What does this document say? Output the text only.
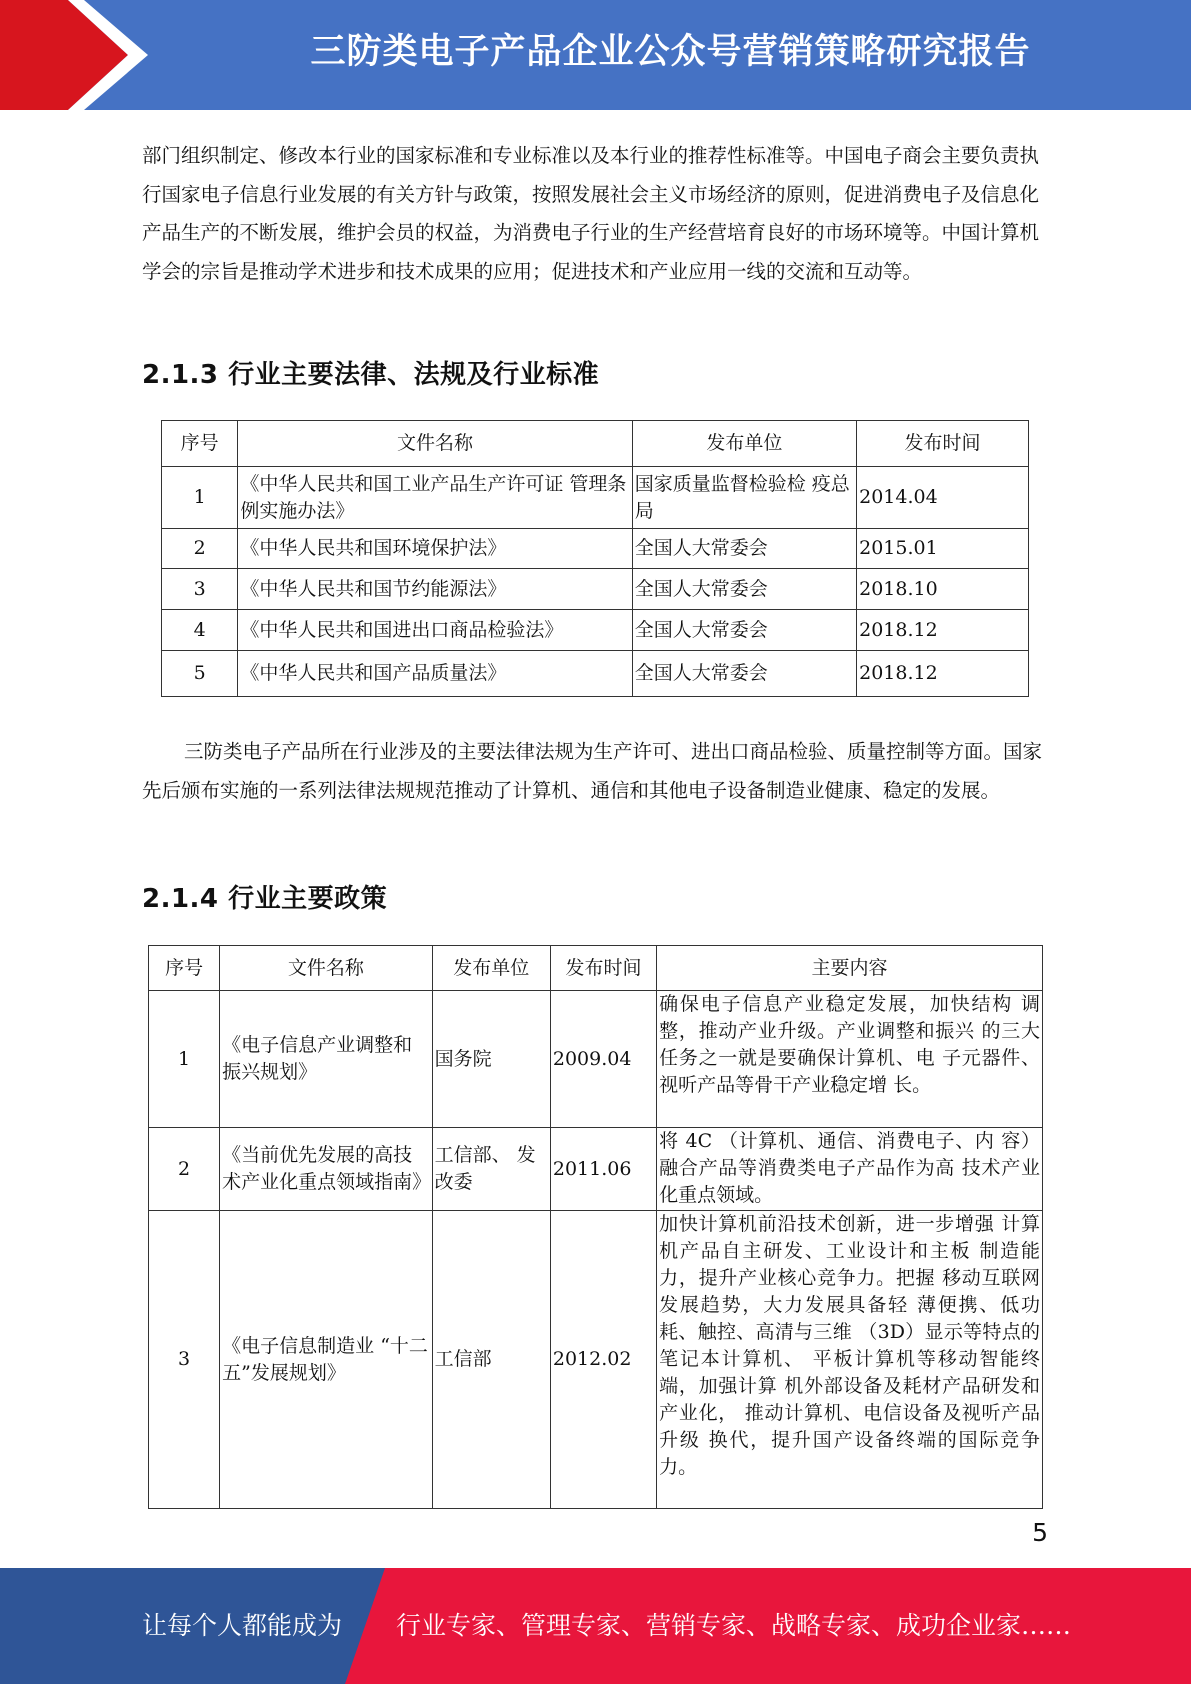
三防类电子产品企业公众号营销策略研究报告

部门组织制定、修改本行业的国家标准和专业标准以及本行业的推荐性标准等。中国电子商会主要负责执行国家电子信息行业发展的有关方针与政策，按照发展社会主义市场经济的原则，促进消费电子及信息化产品生产的不断发展，维护会员的权益，为消费电子行业的生产经营培育良好的市场环境等。中国计算机学会的宗旨是推动学术进步和技术成果的应用；促进技术和产业应用一线的交流和互动等。

2.1.3 行业主要法律、法规及行业标准
序号	文件名称	发布单位	发布时间
1	《中华人民共和国工业产品生产许可证 管理条例实施办法》	国家质量监督检验检 疫总局	2014.04
2	《中华人民共和国环境保护法》	全国人大常委会	2015.01
3	《中华人民共和国节约能源法》	全国人大常委会	2018.10
4	《中华人民共和国进出口商品检验法》	全国人大常委会	2018.12
5	《中华人民共和国产品质量法》	全国人大常委会	2018.12

三防类电子产品所在行业涉及的主要法律法规为生产许可、进出口商品检验、质量控制等方面。国家先后颁布实施的一系列法律法规规范推动了计算机、通信和其他电子设备制造业健康、稳定的发展。

2.1.4 行业主要政策
序号	文件名称	发布单位	发布时间	主要内容
1	《电子信息产业调整和振兴规划》	国务院	2009.04	确保电子信息产业稳定发展，加快结构 调整，推动产业升级。产业调整和振兴 的三大任务之一就是要确保计算机、电 子元器件、视听产品等骨干产业稳定增 长。
2	《当前优先发展的高技术产业化重点领域指南》	工信部、 发改委	2011.06	将 4C （计算机、通信、消费电子、内 容）融合产品等消费类电子产品作为高 技术产业化重点领域。
3	《电子信息制造业 “十二五”发展规划》	工信部	2012.02	加快计算机前沿技术创新，进一步增强 计算机产品自主研发、工业设计和主板 制造能力，提升产业核心竞争力。把握 移动互联网发展趋势，大力发展具备轻 薄便携、低功耗、触控、高清与三维 （3D）显示等特点的笔记本计算机、 平板计算机等移动智能终端，加强计算 机外部设备及耗材产品研发和产业化， 推动计算机、电信设备及视听产品升级 换代，提升国产设备终端的国际竞争 力。
5
让每个人都能成为 行业专家、管理专家、营销专家、战略专家、成功企业家……
